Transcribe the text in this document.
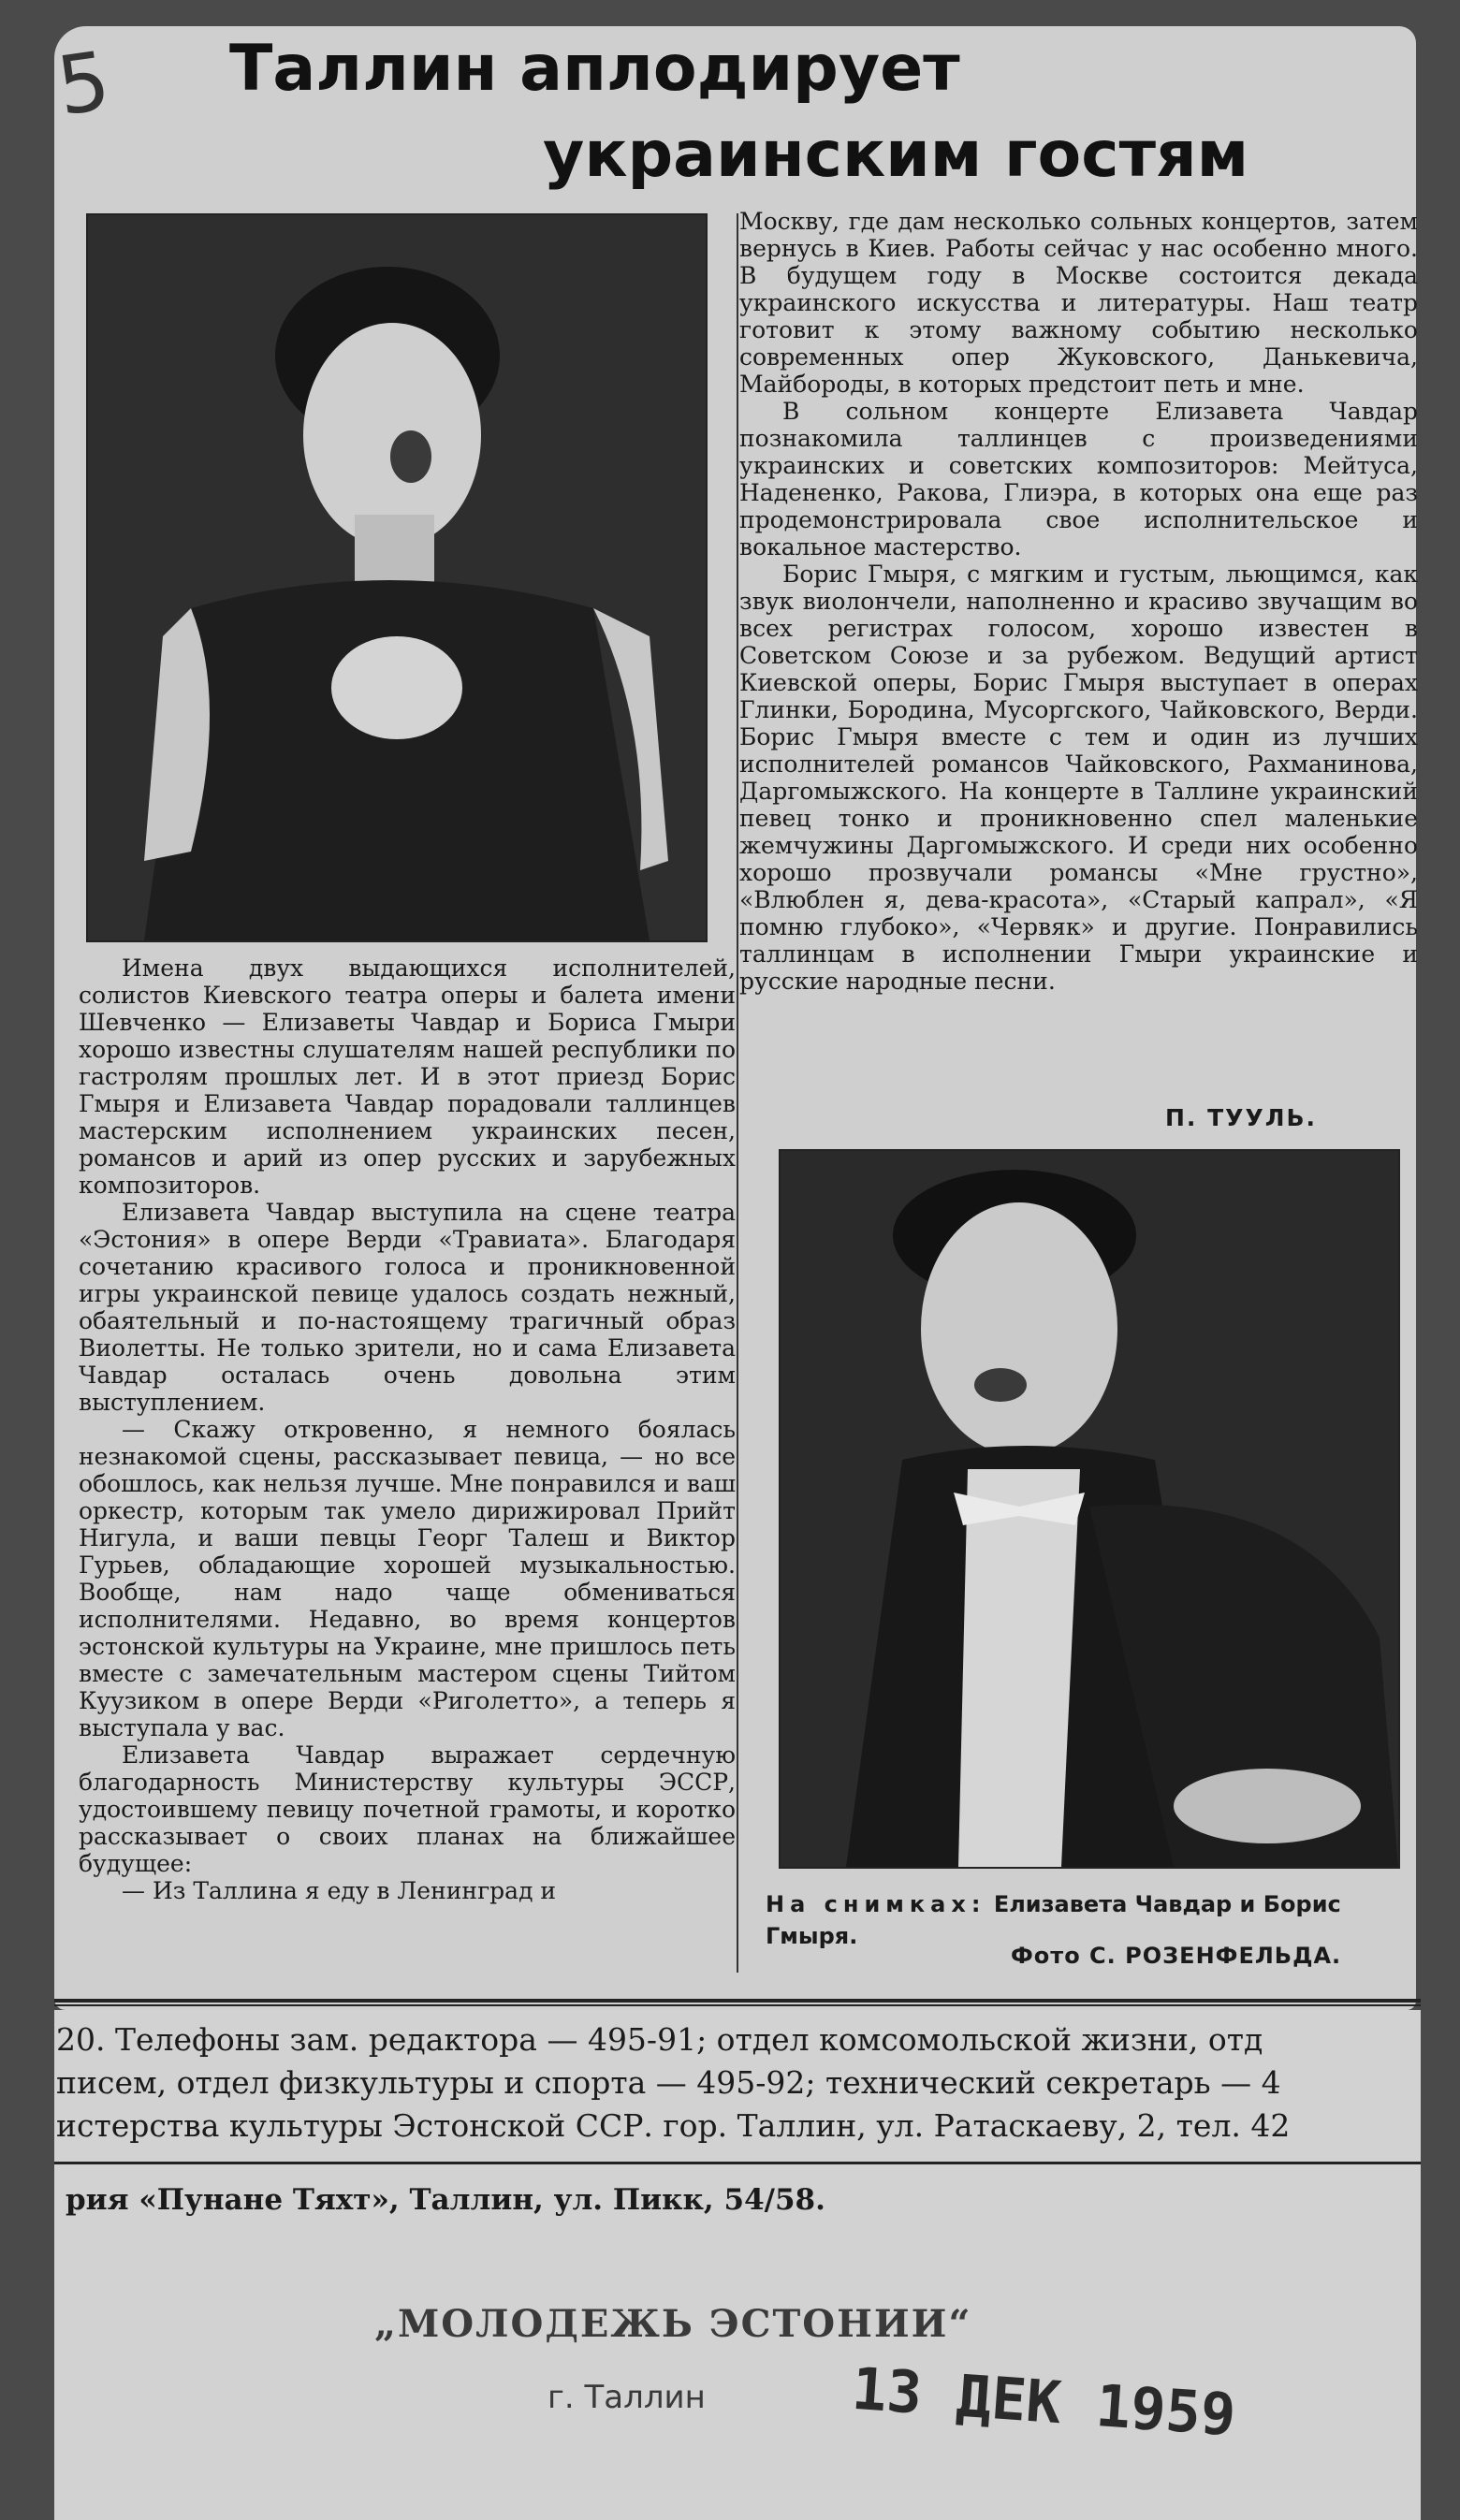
5 Таллин аплодирует
украинским гостям

Имена двух выдающихся исполнителей, солистов Киевского театра оперы и балета имени Шевченко — Елизаветы Чавдар и Бориса Гмыри хорошо известны слушателям нашей республики по гастролям прошлых лет. И в этот приезд Борис Гмыря и Елизавета Чавдар порадовали таллинцев мастерским исполнением украинских песен, романсов и арий из опер русских и зарубежных композиторов.

Елизавета Чавдар выступила на сцене театра «Эстония» в опере Верди «Травиата». Благодаря сочетанию красивого голоса и проникновенной игры украинской певице удалось создать нежный, обаятельный и по-настоящему трагичный образ Виолетты. Не только зрители, но и сама Елизавета Чавдар осталась очень довольна этим выступлением.

— Скажу откровенно, я немного боялась незнакомой сцены, рассказывает певица, — но все обошлось, как нельзя лучше. Мне понравился и ваш оркестр, которым так умело дирижировал Прийт Нигула, и ваши певцы Георг Талеш и Виктор Гурьев, обладающие хорошей музыкальностью. Вообще, нам надо чаще обмениваться исполнителями. Недавно, во время концертов эстонской культуры на Украине, мне пришлось петь вместе с замечательным мастером сцены Тийтом Куузиком в опере Верди «Риголетто», а теперь я выступала у вас.

Елизавета Чавдар выражает сердечную благодарность Министерству культуры ЭССР, удостоившему певицу почетной грамоты, и коротко рассказывает о своих планах на ближайшее будущее:

— Из Таллина я еду в Ленинград и

Москву, где дам несколько сольных концертов, затем вернусь в Киев. Работы сейчас у нас особенно много. В будущем году в Москве состоится декада украинского искусства и литературы. Наш театр готовит к этому важному событию несколько современных опер Жуковского, Данькевича, Майбороды, в которых предстоит петь и мне.

В сольном концерте Елизавета Чавдар познакомила таллинцев с произведениями украинских и советских композиторов: Мейтуса, Надененко, Ракова, Глиэра, в которых она еще раз продемонстрировала свое исполнительское и вокальное мастерство.

Борис Гмыря, с мягким и густым, льющимся, как звук виолончели, наполненно и красиво звучащим во всех регистрах голосом, хорошо известен в Советском Союзе и за рубежом. Ведущий артист Киевской оперы, Борис Гмыря выступает в операх Глинки, Бородина, Мусоргского, Чайковского, Верди. Борис Гмыря вместе с тем и один из лучших исполнителей романсов Чайковского, Рахманинова, Даргомыжского. На концерте в Таллине украинский певец тонко и проникновенно спел маленькие жемчужины Даргомыжского. И среди них особенно хорошо прозвучали романсы «Мне грустно», «Влюблен я, дева-красота», «Старый капрал», «Я помню глубоко», «Червяк» и другие. Понравились таллинцам в исполнении Гмыри украинские и русские народные песни.

П. ТУУЛЬ.
На снимках: Елизавета Чавдар и Борис Гмыря.
Фото С. РОЗЕНФЕЛЬДА.
20. Телефоны зам. редактора — 495-91; отдел комсомольской жизни, отд
писем, отдел физкультуры и спорта — 495-92; технический секретарь — 4
истерства культуры Эстонской ССР. гор. Таллин, ул. Ратаскаеву, 2, тел. 42
рия «Пунане Тяхт», Таллин, ул. Пикк, 54/58.
„МОЛОДЕЖЬ ЭСТОНИИ“
г. Таллин 13 ДЕК 1959
